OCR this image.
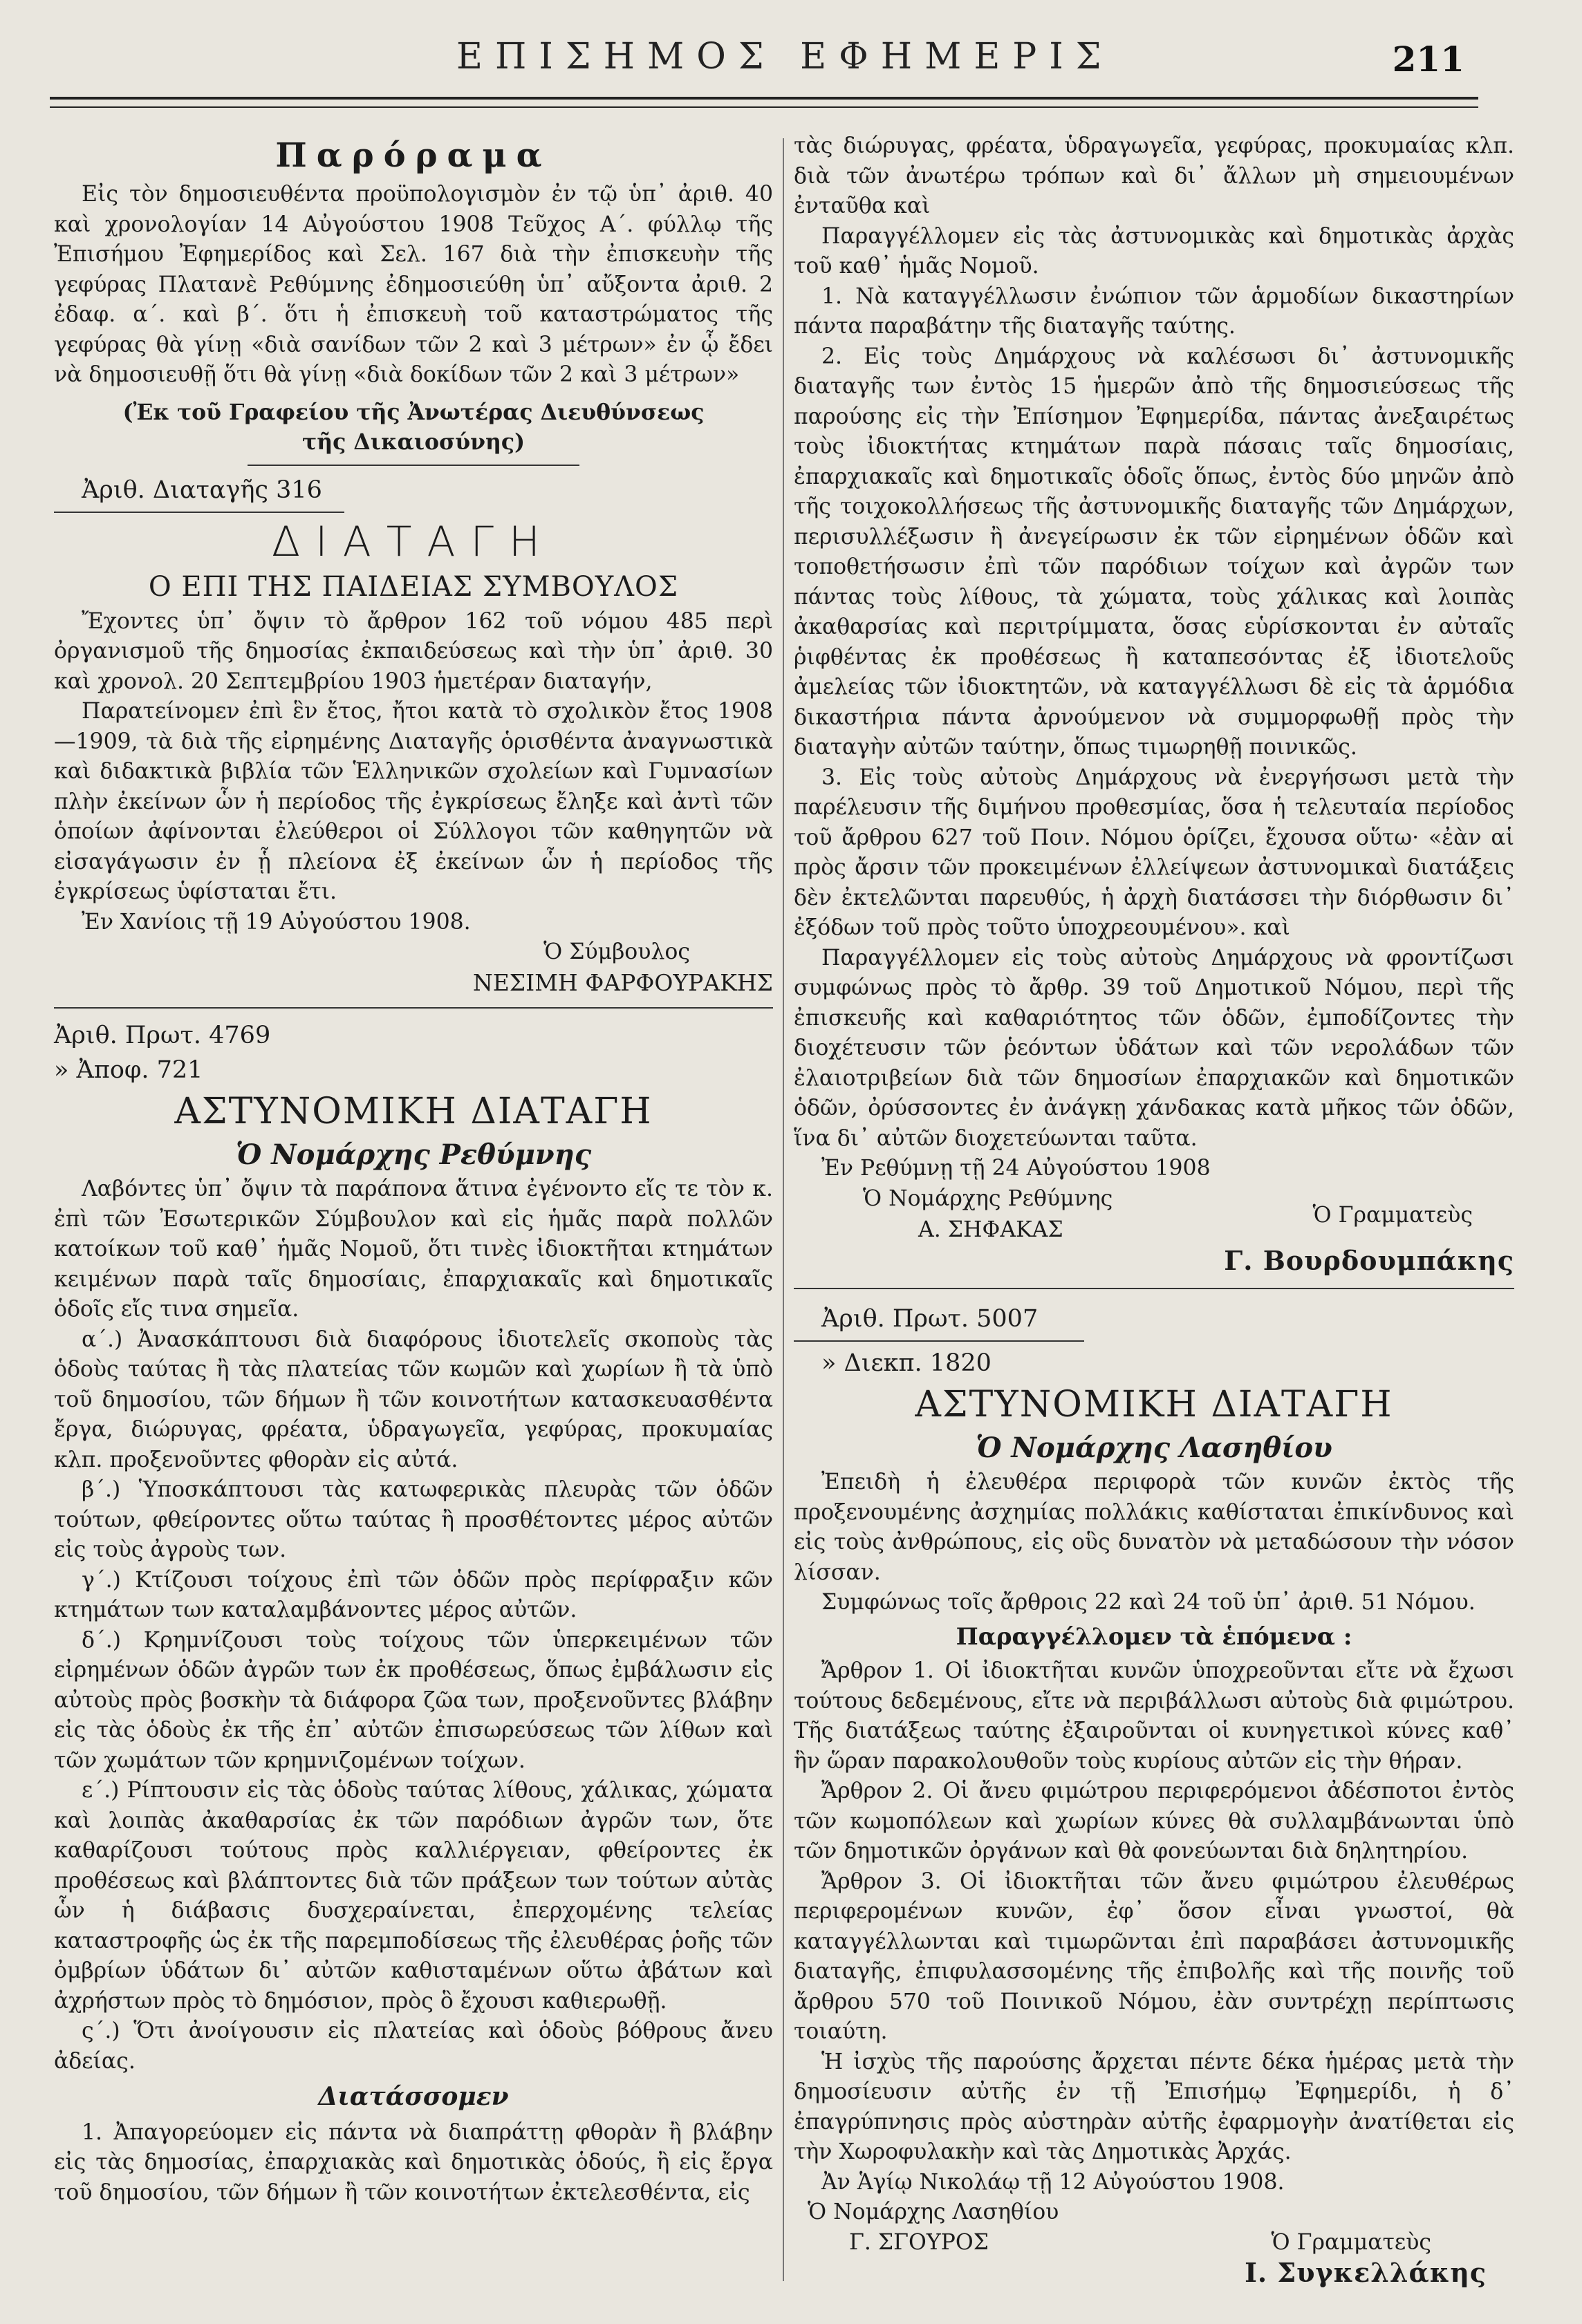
ΕΠΙΣΗΜΟΣ ΕΦΗΜΕΡΙΣ	211
Παρόραμα

Εἰς τὸν δημοσιευθέντα προϋπολογισμὸν ἐν τῷ ὑπ᾽ ἀριθ. 40 καὶ χρονολογίαν 14 Αὐγούστου 1908 Τεῦχος Α΄. φύλλῳ τῆς Ἐπισήμου Ἐφημερίδος καὶ Σελ. 167 διὰ τὴν ἐπισκευὴν τῆς γεφύρας Πλατανὲ Ρεθύμνης ἐδημοσιεύθη ὑπ᾽ αὔξοντα ἀριθ. 2 ἐδαφ. α΄. καὶ β΄. ὅτι ἡ ἐπισκευὴ τοῦ καταστρώματος τῆς γεφύρας θὰ γίνῃ «διὰ σανίδων τῶν 2 καὶ 3 μέτρων» ἐν ᾧ ἔδει νὰ δημοσιευθῇ ὅτι θὰ γίνῃ «διὰ δοκίδων τῶν 2 καὶ 3 μέτρων»

(Ἐκ τοῦ Γραφείου τῆς Ἀνωτέρας Διευθύνσεως

τῆς Δικαιοσύνης)

Ἀριθ. Διαταγῆς 316

ΔΙΑΤΑΓΗ
Ο ΕΠΙ ΤΗΣ ΠΑΙΔΕΙΑΣ ΣΥΜΒΟΥΛΟΣ

Ἔχοντες ὑπ᾽ ὄψιν τὸ ἄρθρον 162 τοῦ νόμου 485 περὶ ὀργανισμοῦ τῆς δημοσίας ἐκπαιδεύσεως καὶ τὴν ὑπ᾽ ἀριθ. 30 καὶ χρονολ. 20 Σεπτεμβρίου 1903 ἡμετέραν διαταγήν,

Παρατείνομεν ἐπὶ ἓν ἔτος, ἤτοι κατὰ τὸ σχολικὸν ἔτος 1908—1909, τὰ διὰ τῆς εἰρημένης Διαταγῆς ὁρισθέντα ἀναγνωστικὰ καὶ διδακτικὰ βιβλία τῶν Ἑλληνικῶν σχολείων καὶ Γυμνασίων πλὴν ἐκείνων ὧν ἡ περίοδος τῆς ἐγκρίσεως ἔληξε καὶ ἀντὶ τῶν ὁποίων ἀφίνονται ἐλεύθεροι οἱ Σύλλογοι τῶν καθηγητῶν νὰ εἰσαγάγωσιν ἐν ᾗ πλείονα ἐξ ἐκείνων ὧν ἡ περίοδος τῆς ἐγκρίσεως ὑφίσταται ἔτι.

Ἐν Χανίοις τῇ 19 Αὐγούστου 1908.

Ὁ Σύμβουλος

ΝΕΣΙΜΗ ΦΑΡΦΟΥΡΑΚΗΣ

Ἀριθ. Πρωτ. 4769

» Ἀποφ. 721

ΑΣΤΥΝΟΜΙΚΗ ΔΙΑΤΑΓΗ
Ὁ Νομάρχης Ρεθύμνης

Λαβόντες ὑπ᾽ ὄψιν τὰ παράπονα ἅτινα ἐγένοντο εἴς τε τὸν κ. ἐπὶ τῶν Ἐσωτερικῶν Σύμβουλον καὶ εἰς ἡμᾶς παρὰ πολλῶν κατοίκων τοῦ καθ᾽ ἡμᾶς Νομοῦ, ὅτι τινὲς ἰδιοκτῆται κτημάτων κειμένων παρὰ ταῖς δημοσίαις, ἐπαρχιακαῖς καὶ δημοτικαῖς ὁδοῖς εἴς τινα σημεῖα.

α΄.) Ἀνασκάπτουσι διὰ διαφόρους ἰδιοτελεῖς σκοποὺς τὰς ὁδοὺς ταύτας ἢ τὰς πλατείας τῶν κωμῶν καὶ χωρίων ἢ τὰ ὑπὸ τοῦ δημοσίου, τῶν δήμων ἢ τῶν κοινοτήτων κατασκευασθέντα ἔργα, διώρυγας, φρέατα, ὑδραγωγεῖα, γεφύρας, προκυμαίας κλπ. προξενοῦντες φθορὰν εἰς αὐτά.

β΄.) Ὑποσκάπτουσι τὰς κατωφερικὰς πλευρὰς τῶν ὁδῶν τούτων, φθείροντες οὕτω ταύτας ἢ προσθέτοντες μέρος αὐτῶν εἰς τοὺς ἀγροὺς των.

γ΄.) Κτίζουσι τοίχους ἐπὶ τῶν ὁδῶν πρὸς περίφραξιν κῶν κτημάτων των καταλαμβάνοντες μέρος αὐτῶν.

δ΄.) Κρημνίζουσι τοὺς τοίχους τῶν ὑπερκειμένων τῶν εἰρημένων ὁδῶν ἀγρῶν των ἐκ προθέσεως, ὅπως ἐμβάλωσιν εἰς αὐτοὺς πρὸς βοσκὴν τὰ διάφορα ζῶα των, προξενοῦντες βλάβην εἰς τὰς ὁδοὺς ἐκ τῆς ἐπ᾽ αὐτῶν ἐπισωρεύσεως τῶν λίθων καὶ τῶν χωμάτων τῶν κρημνιζομένων τοίχων.

ε΄.) Ρίπτουσιν εἰς τὰς ὁδοὺς ταύτας λίθους, χάλικας, χώματα καὶ λοιπὰς ἀκαθαρσίας ἐκ τῶν παρόδιων ἀγρῶν των, ὅτε καθαρίζουσι τούτους πρὸς καλλιέργειαν, φθείροντες ἐκ προθέσεως καὶ βλάπτοντες διὰ τῶν πράξεων των τούτων αὐτὰς ὧν ἡ διάβασις δυσχεραίνεται, ἐπερχομένης τελείας καταστροφῆς ὡς ἐκ τῆς παρεμποδίσεως τῆς ἐλευθέρας ῥοῆς τῶν ὀμβρίων ὑδάτων δι᾽ αὐτῶν καθισταμένων οὕτω ἀβάτων καὶ ἀχρήστων πρὸς τὸ δημόσιον, πρὸς ὃ ἔχουσι καθιερωθῇ.

ς΄.) Ὅτι ἀνοίγουσιν εἰς πλατείας καὶ ὁδοὺς βόθρους ἄνευ ἀδείας.

Διατάσσομεν

1. Ἀπαγορεύομεν εἰς πάντα νὰ διαπράττῃ φθορὰν ἢ βλάβην εἰς τὰς δημοσίας, ἐπαρχιακὰς καὶ δημοτικὰς ὁδούς, ἢ εἰς ἔργα τοῦ δημοσίου, τῶν δήμων ἢ τῶν κοινοτήτων ἐκτελεσθέντα, εἰς

τὰς διώρυγας, φρέατα, ὑδραγωγεῖα, γεφύρας, προκυμαίας κλπ. διὰ τῶν ἀνωτέρω τρόπων καὶ δι᾽ ἄλλων μὴ σημειουμένων ἐνταῦθα καὶ

Παραγγέλλομεν εἰς τὰς ἀστυνομικὰς καὶ δημοτικὰς ἀρχὰς τοῦ καθ᾽ ἡμᾶς Νομοῦ.

1. Νὰ καταγγέλλωσιν ἐνώπιον τῶν ἁρμοδίων δικαστηρίων πάντα παραβάτην τῆς διαταγῆς ταύτης.

2. Εἰς τοὺς Δημάρχους νὰ καλέσωσι δι᾽ ἀστυνομικῆς διαταγῆς των ἐντὸς 15 ἡμερῶν ἀπὸ τῆς δημοσιεύσεως τῆς παρούσης εἰς τὴν Ἐπίσημον Ἐφημερίδα, πάντας ἀνεξαιρέτως τοὺς ἰδιοκτήτας κτημάτων παρὰ πάσαις ταῖς δημοσίαις, ἐπαρχιακαῖς καὶ δημοτικαῖς ὁδοῖς ὅπως, ἐντὸς δύο μηνῶν ἀπὸ τῆς τοιχοκολλήσεως τῆς ἀστυνομικῆς διαταγῆς τῶν Δημάρχων, περισυλλέξωσιν ἢ ἀνεγείρωσιν ἐκ τῶν εἰρημένων ὁδῶν καὶ τοποθετήσωσιν ἐπὶ τῶν παρόδιων τοίχων καὶ ἀγρῶν των πάντας τοὺς λίθους, τὰ χώματα, τοὺς χάλικας καὶ λοιπὰς ἀκαθαρσίας καὶ περιτρίμματα, ὅσας εὑρίσκονται ἐν αὐταῖς ῥιφθέντας ἐκ προθέσεως ἢ καταπεσόντας ἐξ ἰδιοτελοῦς ἀμελείας τῶν ἰδιοκτητῶν, νὰ καταγγέλλωσι δὲ εἰς τὰ ἁρμόδια δικαστήρια πάντα ἀρνούμενον νὰ συμμορφωθῇ πρὸς τὴν διαταγὴν αὐτῶν ταύτην, ὅπως τιμωρηθῇ ποινικῶς.

3. Εἰς τοὺς αὐτοὺς Δημάρχους νὰ ἐνεργήσωσι μετὰ τὴν παρέλευσιν τῆς διμήνου προθεσμίας, ὅσα ἡ τελευταία περίοδος τοῦ ἄρθρου 627 τοῦ Ποιν. Νόμου ὁρίζει, ἔχουσα οὕτω· «ἐὰν αἱ πρὸς ἄρσιν τῶν προκειμένων ἐλλείψεων ἀστυνομικαὶ διατάξεις δὲν ἐκτελῶνται παρευθύς, ἡ ἀρχὴ διατάσσει τὴν διόρθωσιν δι᾽ ἐξόδων τοῦ πρὸς τοῦτο ὑποχρεουμένου». καὶ

Παραγγέλλομεν εἰς τοὺς αὐτοὺς Δημάρχους νὰ φροντίζωσι συμφώνως πρὸς τὸ ἄρθρ. 39 τοῦ Δημοτικοῦ Νόμου, περὶ τῆς ἐπισκευῆς καὶ καθαριότητος τῶν ὁδῶν, ἐμποδίζοντες τὴν διοχέτευσιν τῶν ῥεόντων ὑδάτων καὶ τῶν νερολάδων τῶν ἐλαιοτριβείων διὰ τῶν δημοσίων ἐπαρχιακῶν καὶ δημοτικῶν ὁδῶν, ὀρύσσοντες ἐν ἀνάγκῃ χάνδακας κατὰ μῆκος τῶν ὁδῶν, ἵνα δι᾽ αὐτῶν διοχετεύωνται ταῦτα.

Ἐν Ρεθύμνῃ τῇ 24 Αὐγούστου 1908

Ὁ Νομάρχης Ρεθύμνης
Ὁ Γραμματεὺς

Α. ΣΗΦΑΚΑΣ

Γ. Βουρδουμπάκης

Ἀριθ. Πρωτ. 5007

» Διεκπ. 1820

ΑΣΤΥΝΟΜΙΚΗ ΔΙΑΤΑΓΗ
Ὁ Νομάρχης Λασηθίου

Ἐπειδὴ ἡ ἐλευθέρα περιφορὰ τῶν κυνῶν ἐκτὸς τῆς προξενουμένης ἀσχημίας πολλάκις καθίσταται ἐπικίνδυνος καὶ εἰς τοὺς ἀνθρώπους, εἰς οὓς δυνατὸν νὰ μεταδώσουν τὴν νόσον λίσσαν.

Συμφώνως τοῖς ἄρθροις 22 καὶ 24 τοῦ ὑπ᾽ ἀριθ. 51 Νόμου.

Παραγγέλλομεν τὰ ἑπόμενα :

Ἄρθρον 1. Οἱ ἰδιοκτῆται κυνῶν ὑποχρεοῦνται εἴτε νὰ ἔχωσι τούτους δεδεμένους, εἴτε νὰ περιβάλλωσι αὐτοὺς διὰ φιμώτρου. Τῆς διατάξεως ταύτης ἐξαιροῦνται οἱ κυνηγετικοὶ κύνες καθ᾽ ἣν ὥραν παρακολουθοῦν τοὺς κυρίους αὐτῶν εἰς τὴν θήραν.

Ἄρθρον 2. Οἱ ἄνευ φιμώτρου περιφερόμενοι ἀδέσποτοι ἐντὸς τῶν κωμοπόλεων καὶ χωρίων κύνες θὰ συλλαμβάνωνται ὑπὸ τῶν δημοτικῶν ὀργάνων καὶ θὰ φονεύωνται διὰ δηλητηρίου.

Ἄρθρον 3. Οἱ ἰδιοκτῆται τῶν ἄνευ φιμώτρου ἐλευθέρως περιφερομένων κυνῶν, ἐφ᾽ ὅσον εἶναι γνωστοί, θὰ καταγγέλλωνται καὶ τιμωρῶνται ἐπὶ παραβάσει ἀστυνομικῆς διαταγῆς, ἐπιφυλασσομένης τῆς ἐπιβολῆς καὶ τῆς ποινῆς τοῦ ἄρθρου 570 τοῦ Ποινικοῦ Νόμου, ἐὰν συντρέχῃ περίπτωσις τοιαύτη.

Ἡ ἰσχὺς τῆς παρούσης ἄρχεται πέντε δέκα ἡμέρας μετὰ τὴν δημοσίευσιν αὐτῆς ἐν τῇ Ἐπισήμῳ Ἐφημερίδι, ἡ δ᾽ ἐπαγρύπνησις πρὸς αὐστηρὰν αὐτῆς ἐφαρμογὴν ἀνατίθεται εἰς τὴν Χωροφυλακὴν καὶ τὰς Δημοτικὰς Ἀρχάς.

Ἀν Ἁγίῳ Νικολάῳ τῇ 12 Αὐγούστου 1908.

Ὁ Νομάρχης Λασηθίου

Γ. ΣΓΟΥΡΟΣ	Ὁ Γραμματεὺς

Ι. Συγκελλάκης
